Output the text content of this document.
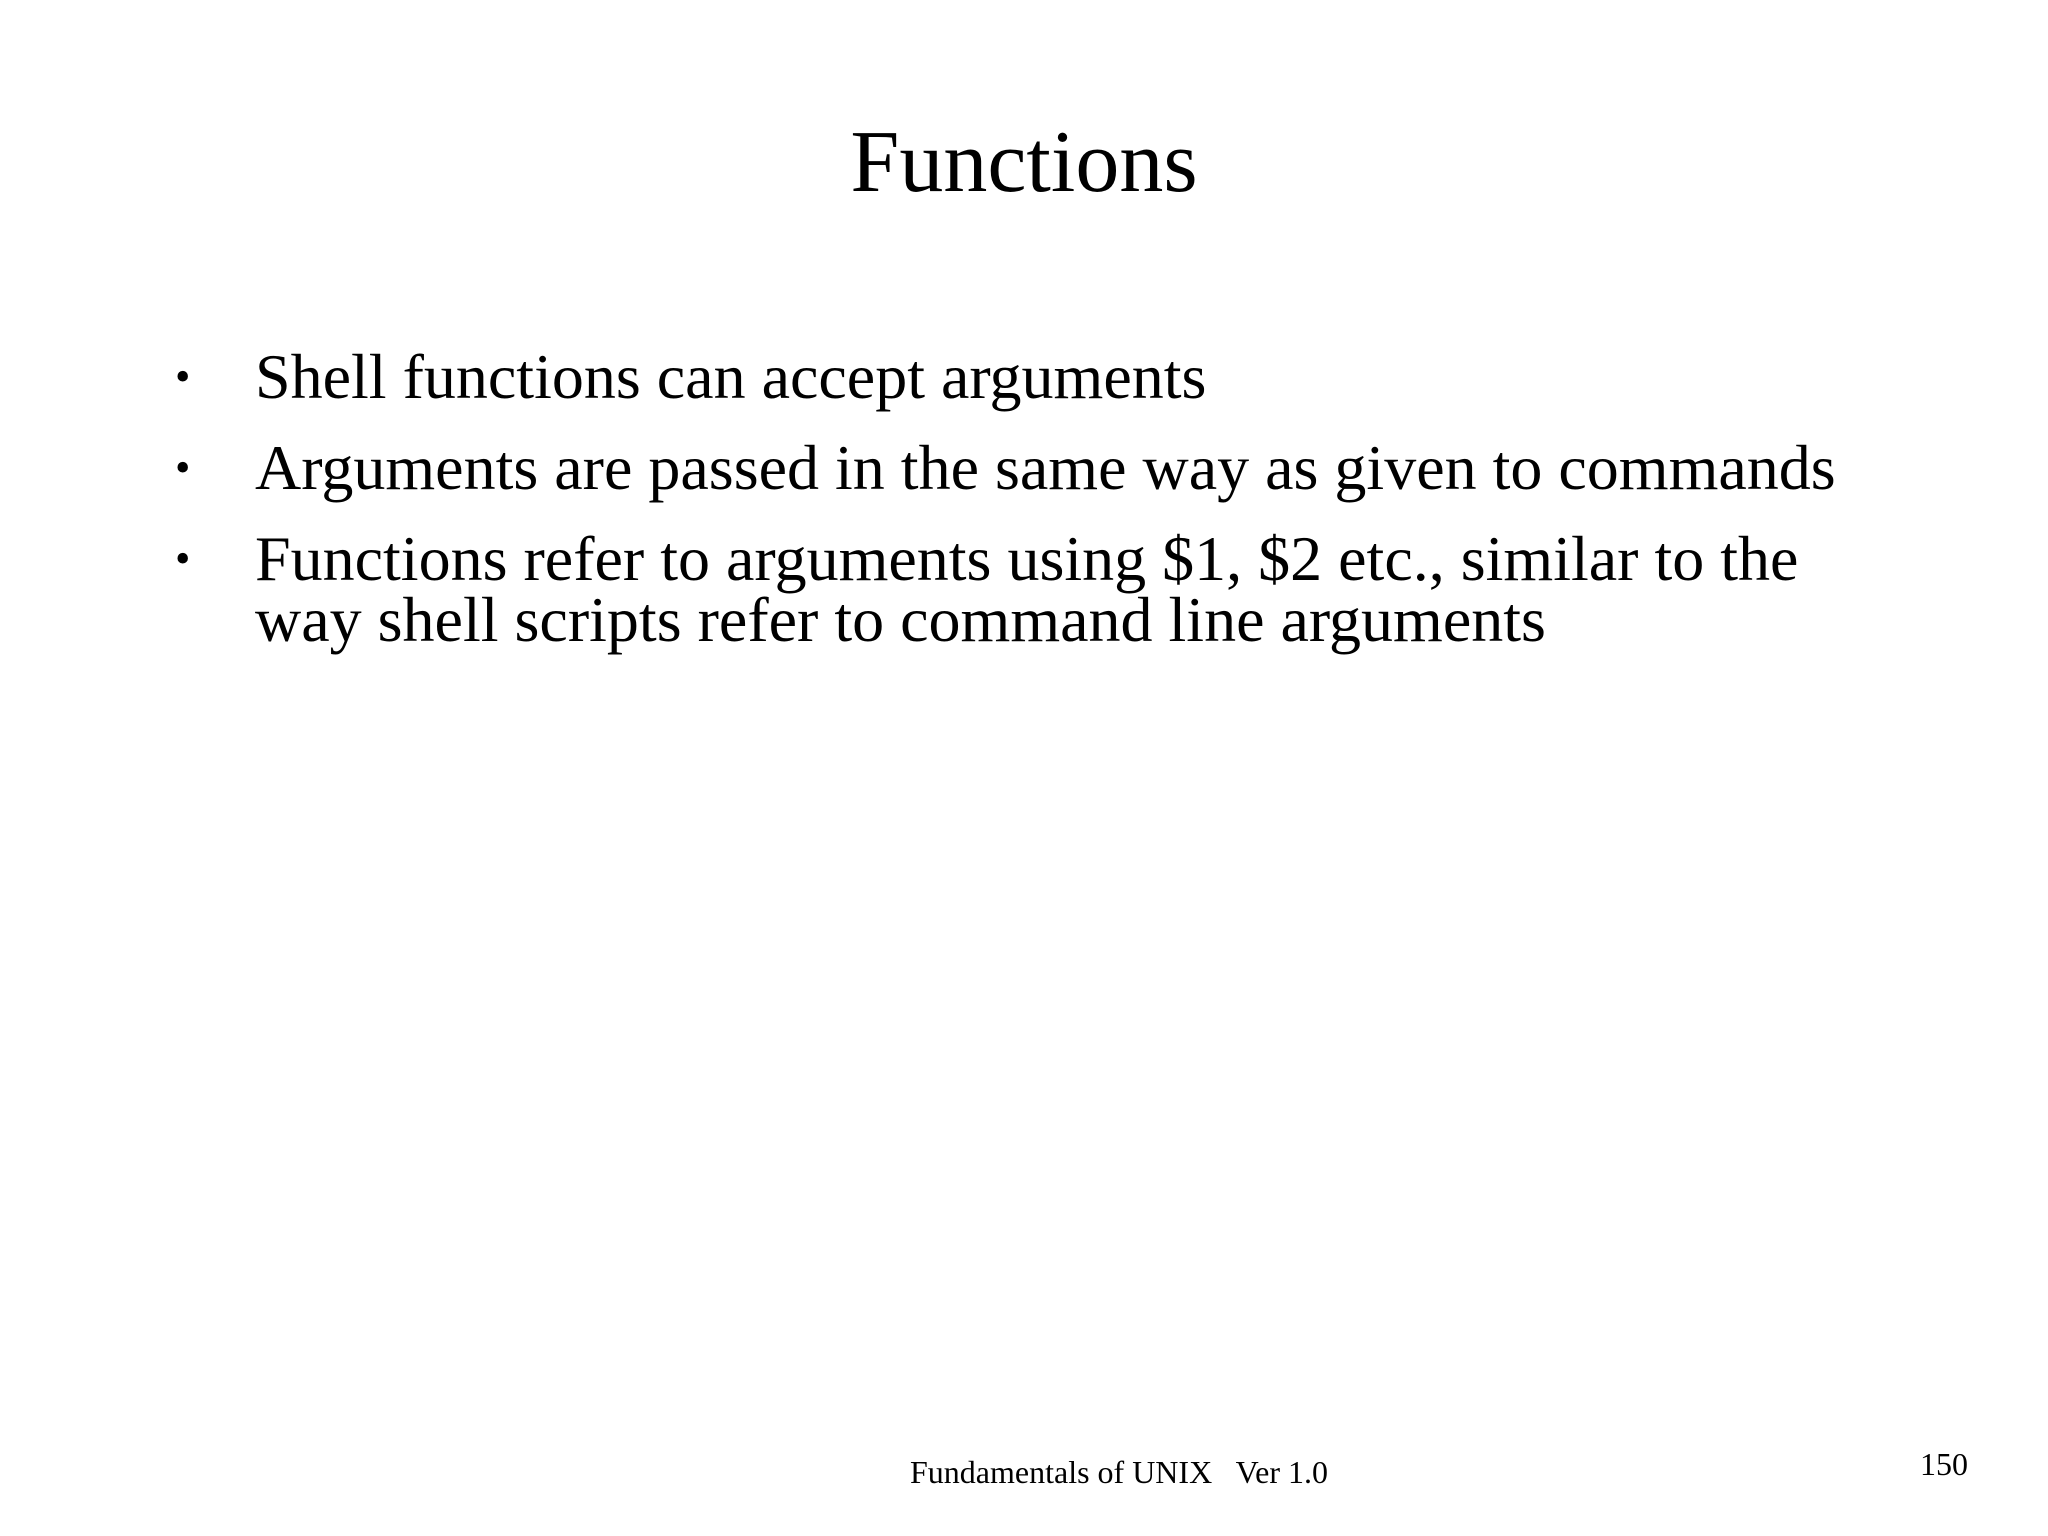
Functions
•	Shell functions can accept arguments
•	Arguments are passed in the same way as given to commands
•	Functions refer to arguments using $1, $2 etc., similar to the way shell scripts refer to command line arguments
Fundamentals of UNIX   Ver 1.0	150
